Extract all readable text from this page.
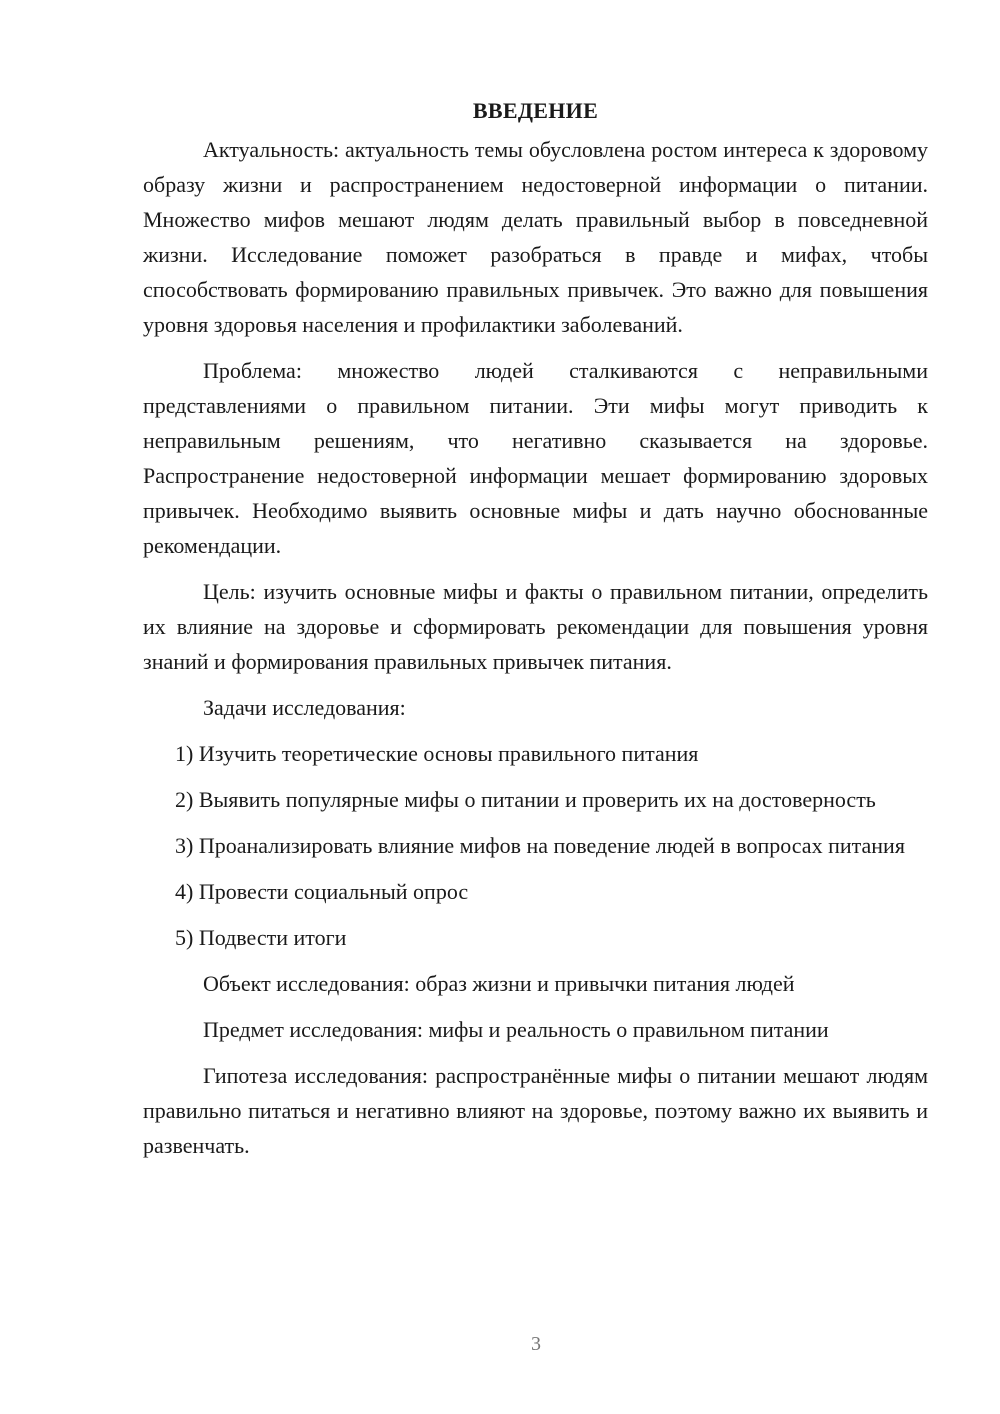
ВВЕДЕНИЕ

Актуальность: актуальность темы обусловлена ростом интереса к здоровому образу жизни и распространением недостоверной информации о питании. Множество мифов мешают людям делать правильный выбор в повседневной жизни. Исследование поможет разобраться в правде и мифах, чтобы способствовать формированию правильных привычек. Это важно для повышения уровня здоровья населения и профилактики заболеваний.

Проблема: множество людей сталкиваются с неправильными представлениями о правильном питании. Эти мифы могут приводить к неправильным решениям, что негативно сказывается на здоровье. Распространение недостоверной информации мешает формированию здоровых привычек. Необходимо выявить основные мифы и дать научно обоснованные рекомендации.

Цель: изучить основные мифы и факты о правильном питании, определить их влияние на здоровье и сформировать рекомендации для повышения уровня знаний и формирования правильных привычек питания.

Задачи исследования:

1) Изучить теоретические основы правильного питания

2) Выявить популярные мифы о питании и проверить их на достоверность

3) Проанализировать влияние мифов на поведение людей в вопросах питания

4) Провести социальный опрос

5) Подвести итоги

Объект исследования: образ жизни и привычки питания людей

Предмет исследования: мифы и реальность о правильном питании

Гипотеза исследования: распространённые мифы о питании мешают людям правильно питаться и негативно влияют на здоровье, поэтому важно их выявить и развенчать.

3
